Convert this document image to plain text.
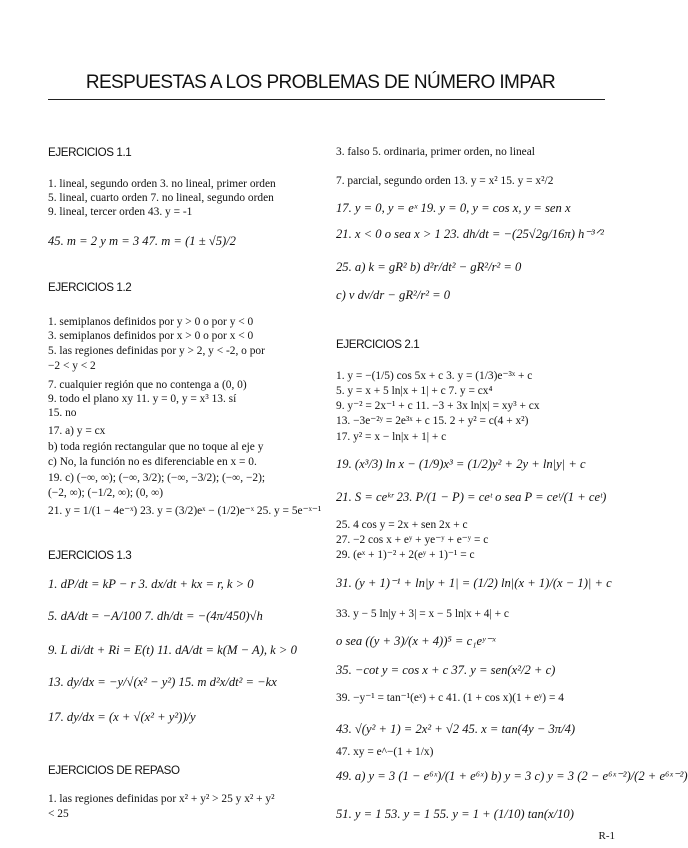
RESPUESTAS A LOS PROBLEMAS DE NÚMERO IMPAR
EJERCICIOS 1.1
1. lineal, segundo orden 3. no lineal, primer orden
5. lineal, cuarto orden 7. no lineal, segundo orden
9. lineal, tercer orden 43. y = -1
45. m = 2 y m = 3 47. m = (1 ± √5)/2
EJERCICIOS 1.2
1. semiplanos definidos por y > 0 o por y < 0
3. semiplanos definidos por x > 0 o por x < 0
5. las regiones definidas por y > 2, y < -2, o por
−2 < y < 2
7. cualquier región que no contenga a (0, 0)
9. todo el plano xy 11. y = 0, y = x³ 13. sí
15. no
17. a) y = cx
b) toda región rectangular que no toque al eje y
c) No, la función no es diferenciable en x = 0.
19. c) (−∞, ∞); (−∞, 3/2); (−∞, −3/2); (−∞, −2);
(−2, ∞); (−1/2, ∞); (0, ∞)
21. y = 1/(1 − 4e⁻ˣ) 23. y = (3/2)eˣ − (1/2)e⁻ˣ 25. y = 5e⁻ˣ⁻¹
EJERCICIOS 1.3
1. dP/dt = kP − r 3. dx/dt + kx = r, k > 0
5. dA/dt = −A/100 7. dh/dt = −(4π/450)√h
9. L di/dt + Ri = E(t) 11. dA/dt = k(M − A), k > 0
13. dy/dx = −y/√(x² − y²) 15. m d²x/dt² = −kx
17. dy/dx = (x + √(x² + y²))/y
EJERCICIOS DE REPASO
1. las regiones definidas por x² + y² > 25 y x² + y²
< 25
3. falso 5. ordinaria, primer orden, no lineal
7. parcial, segundo orden 13. y = x² 15. y = x²/2
17. y = 0, y = eˣ 19. y = 0, y = cos x, y = sen x
21. x < 0 o sea x > 1 23. dh/dt = −(25√2g/16π) h⁻³ᐟ²
25. a) k = gR² b) d²r/dt² − gR²/r² = 0
c) v dv/dr − gR²/r² = 0
EJERCICIOS 2.1
1. y = −(1/5) cos 5x + c 3. y = (1/3)e⁻³ˣ + c
5. y = x + 5 ln|x + 1| + c 7. y = cx⁴
9. y⁻² = 2x⁻¹ + c 11. −3 + 3x ln|x| = xy³ + cx
13. −3e⁻²ʸ = 2e³ˣ + c 15. 2 + y² = c(4 + x²)
17. y² = x − ln|x + 1| + c
19. (x³/3) ln x − (1/9)x³ = (1/2)y² + 2y + ln|y| + c
21. S = ceᵏʳ 23. P/(1 − P) = ceᵗ o sea P = ceᵗ/(1 + ceᵗ)
25. 4 cos y = 2x + sen 2x + c
27. −2 cos x + eʸ + ye⁻ʸ + e⁻ʸ = c
29. (eˣ + 1)⁻² + 2(eʸ + 1)⁻¹ = c
31. (y + 1)⁻¹ + ln|y + 1| = (1/2) ln|(x + 1)/(x − 1)| + c
33. y − 5 ln|y + 3| = x − 5 ln|x + 4| + c
o sea ((y + 3)/(x + 4))⁵ = c₁eʸ⁻ˣ
35. −cot y = cos x + c 37. y = sen(x²/2 + c)
39. −y⁻¹ = tan⁻¹(eˣ) + c 41. (1 + cos x)(1 + eʸ) = 4
43. √(y² + 1) = 2x² + √2 45. x = tan(4y − 3π/4)
47. xy = e^−(1 + 1/x)
49. a) y = 3 (1 − e⁶ˣ)/(1 + e⁶ˣ) b) y = 3 c) y = 3 (2 − e⁶ˣ⁻²)/(2 + e⁶ˣ⁻²)
51. y = 1 53. y = 1 55. y = 1 + (1/10) tan(x/10)
R-1
